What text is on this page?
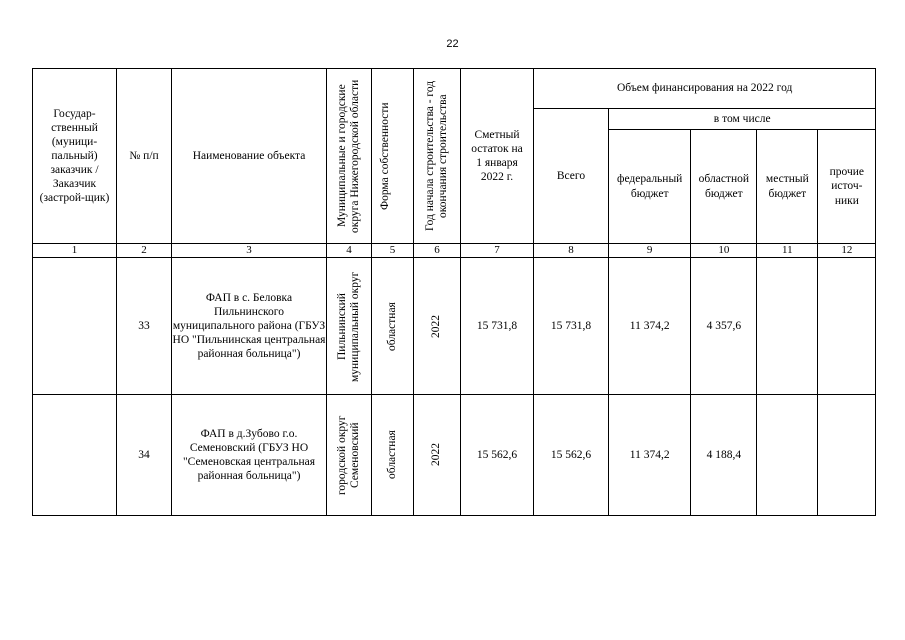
22
Государ-ственный (муници-пальный) заказчик / Заказчик (застрой-щик)	№ п/п	Наименование объекта	Муниципальные и городские округа Нижегородской области	Форма собственности	Год начала строительства - год окончания строительства	Сметный остаток на 1 января 2022 г.	Объем финансирования на 2022 год				
							Всего	в том числе			
								федеральный бюджет	областной бюджет	местный бюджет	прочие источ-ники
1	2	3	4	5	6	7	8	9	10	11	12
	33	ФАП в с. Беловка Пильнинского муниципального района (ГБУЗ НО "Пильнинская центральная районная больница")	Пильнинский муниципальный округ	областная	2022	15 731,8	15 731,8	11 374,2	4 357,6		
	34	ФАП в д.Зубово г.о. Семеновский (ГБУЗ НО "Семеновская центральная районная больница")	городской округ Семеновский	областная	2022	15 562,6	15 562,6	11 374,2	4 188,4		
